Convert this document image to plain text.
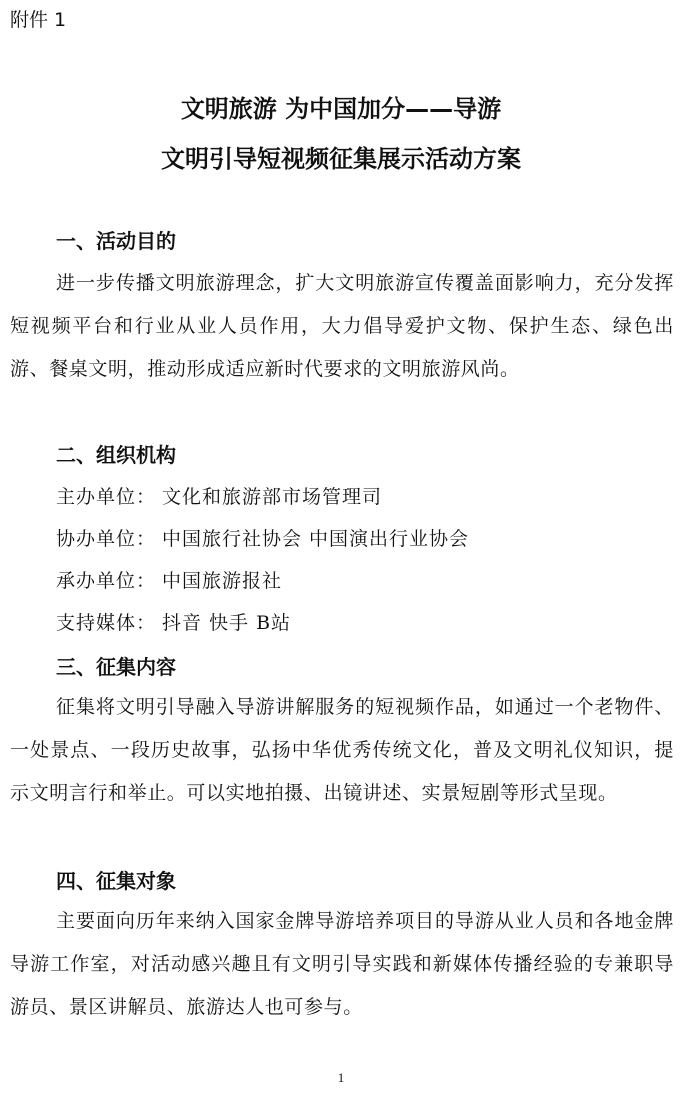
附件 1
文明旅游 为中国加分——导游
文明引导短视频征集展示活动方案
一、活动目的
进一步传播文明旅游理念，扩大文明旅游宣传覆盖面影响力，充分发挥短视频平台和行业从业人员作用，大力倡导爱护文物、保护生态、绿色出游、餐桌文明，推动形成适应新时代要求的文明旅游风尚。
二、组织机构
主办单位： 文化和旅游部市场管理司
协办单位： 中国旅行社协会 中国演出行业协会
承办单位： 中国旅游报社
支持媒体： 抖音 快手 B站
三、征集内容
征集将文明引导融入导游讲解服务的短视频作品，如通过一个老物件、一处景点、一段历史故事，弘扬中华优秀传统文化，普及文明礼仪知识，提示文明言行和举止。可以实地拍摄、出镜讲述、实景短剧等形式呈现。
四、征集对象
主要面向历年来纳入国家金牌导游培养项目的导游从业人员和各地金牌导游工作室，对活动感兴趣且有文明引导实践和新媒体传播经验的专兼职导游员、景区讲解员、旅游达人也可参与。
1
